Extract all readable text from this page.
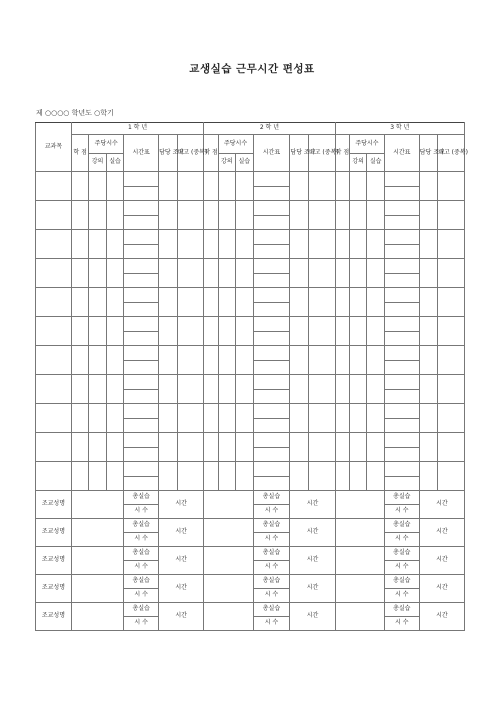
교생실습 근무시간 편성표
제 ○○○○ 학년도 ○학기
교과목	1 학 년						2 학 년						3 학 년					
	학 점	주당시수		시간표	담당 조교	비고 (중복)	학 점	주당시수		시간표	담당 조교	비고 (중복)	학 점	주당시수		시간표	담당 조교	비고 (중복)
		강의	실습					강의	실습					강의	실습			

조교성명				총실습	시간					총실습	시간					총실습	시간	
				시 수						시 수						시 수		
조교성명				총실습	시간					총실습	시간					총실습	시간	
				시 수						시 수						시 수		
조교성명				총실습	시간					총실습	시간					총실습	시간	
				시 수						시 수						시 수		
조교성명				총실습	시간					총실습	시간					총실습	시간	
				시 수						시 수						시 수		
조교성명				총실습	시간					총실습	시간					총실습	시간	
				시 수						시 수						시 수		
